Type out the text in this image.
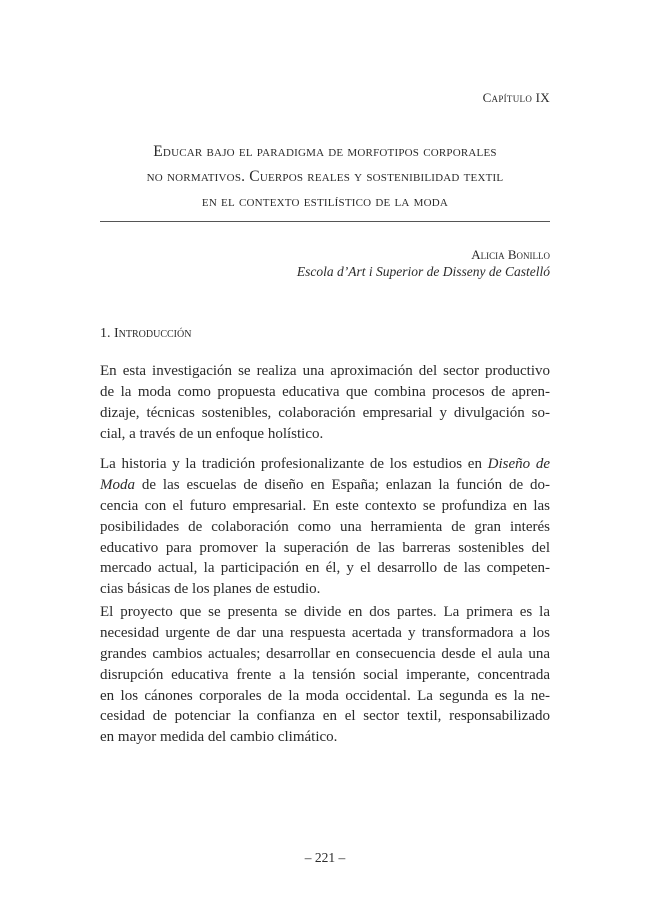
Capítulo IX
Educar bajo el paradigma de morfotipos corporales
no normativos. Cuerpos reales y sostenibilidad textil
en el contexto estilístico de la moda
Alicia Bonillo
Escola d’Art i Superior de Disseny de Castelló
1. Introducción
En esta investigación se realiza una aproximación del sector productivo
de la moda como propuesta educativa que combina procesos de apren-
dizaje, técnicas sostenibles, colaboración empresarial y divulgación so-
cial, a través de un enfoque holístico.
La historia y la tradición profesionalizante de los estudios en Diseño de
Moda de las escuelas de diseño en España; enlazan la función de do-
cencia con el futuro empresarial. En este contexto se profundiza en las
posibilidades de colaboración como una herramienta de gran interés
educativo para promover la superación de las barreras sostenibles del
mercado actual, la participación en él, y el desarrollo de las competen-
cias básicas de los planes de estudio.
El proyecto que se presenta se divide en dos partes. La primera es la
necesidad urgente de dar una respuesta acertada y transformadora a los
grandes cambios actuales; desarrollar en consecuencia desde el aula una
disrupción educativa frente a la tensión social imperante, concentrada
en los cánones corporales de la moda occidental. La segunda es la ne-
cesidad de potenciar la confianza en el sector textil, responsabilizado
en mayor medida del cambio climático.
– 221 –
